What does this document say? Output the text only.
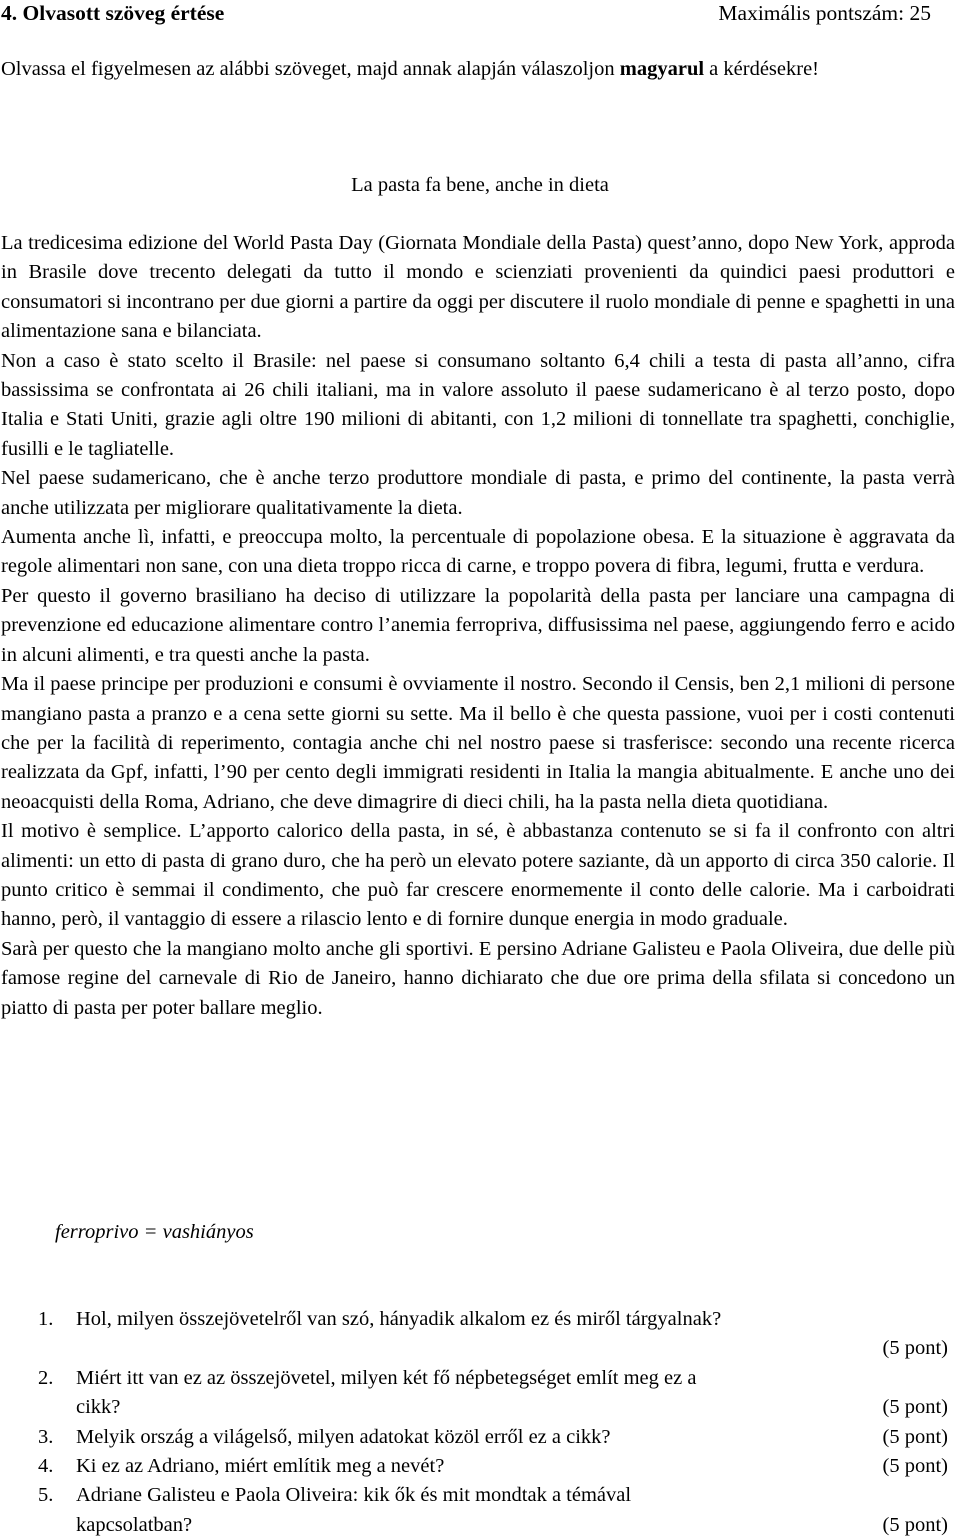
4. Olvasott szöveg értése	Maximális pontszám: 25
Olvassa el figyelmesen az alábbi szöveget, majd annak alapján válaszoljon magyarul a kérdésekre!
La pasta fa bene, anche in dieta

La tredicesima edizione del World Pasta Day (Giornata Mondiale della Pasta) quest’anno, dopo New York, approda in Brasile dove trecento delegati da tutto il mondo e scienziati provenienti da quindici paesi produttori e consumatori si incontrano per due giorni a partire da oggi per discutere il ruolo mondiale di penne e spaghetti in una alimentazione sana e bilanciata.

Non a caso è stato scelto il Brasile: nel paese si consumano soltanto 6,4 chili a testa di pasta all’anno, cifra bassissima se confrontata ai 26 chili italiani, ma in valore assoluto il paese sudamericano è al terzo posto, dopo Italia e Stati Uniti, grazie agli oltre 190 milioni di abitanti, con 1,2 milioni di tonnellate tra spaghetti, conchiglie, fusilli e le tagliatelle.

Nel paese sudamericano, che è anche terzo produttore mondiale di pasta, e primo del continente, la pasta verrà anche utilizzata per migliorare qualitativamente la dieta.

Aumenta anche lì, infatti, e preoccupa molto, la percentuale di popolazione obesa. E la situazione è aggravata da regole alimentari non sane, con una dieta troppo ricca di carne, e troppo povera di fibra, legumi, frutta e verdura.

Per questo il governo brasiliano ha deciso di utilizzare la popolarità della pasta per lanciare una campagna di prevenzione ed educazione alimentare contro l’anemia ferropriva, diffusissima nel paese, aggiungendo ferro e acido in alcuni alimenti, e tra questi anche la pasta.

Ma il paese principe per produzioni e consumi è ovviamente il nostro. Secondo il Censis, ben 2,1 milioni di persone mangiano pasta a pranzo e a cena sette giorni su sette. Ma il bello è che questa passione, vuoi per i costi contenuti che per la facilità di reperimento, contagia anche chi nel nostro paese si trasferisce: secondo una recente ricerca realizzata da Gpf, infatti, l’90 per cento degli immigrati residenti in Italia la mangia abitualmente. E anche uno dei neoacquisti della Roma, Adriano, che deve dimagrire di dieci chili, ha la pasta nella dieta quotidiana.

Il motivo è semplice. L’apporto calorico della pasta, in sé, è abbastanza contenuto se si fa il confronto con altri alimenti: un etto di pasta di grano duro, che ha però un elevato potere saziante, dà un apporto di circa 350 calorie. Il punto critico è semmai il condimento, che può far crescere enormemente il conto delle calorie. Ma i carboidrati hanno, però, il vantaggio di essere a rilascio lento e di fornire dunque energia in modo graduale.

Sarà per questo che la mangiano molto anche gli sportivi. E persino Adriane Galisteu e Paola Oliveira, due delle più famose regine del carnevale di Rio de Janeiro, hanno dichiarato che due ore prima della sfilata si concedono un piatto di pasta per poter ballare meglio.

ferroprivo = vashiányos
1. Hol, milyen összejövetelről van szó, hányadik alkalom ez és miről tárgyalnak?
(5 pont)
2. Miért itt van ez az összejövetel, milyen két fő népbetegséget említ meg ez a cikk?	(5 pont)
3. Melyik ország a világelső, milyen adatokat közöl erről ez a cikk?	(5 pont)
4. Ki ez az Adriano, miért említik meg a nevét?	(5 pont)
5. Adriane Galisteu e Paola Oliveira: kik ők és mit mondtak a témával kapcsolatban?	(5 pont)
